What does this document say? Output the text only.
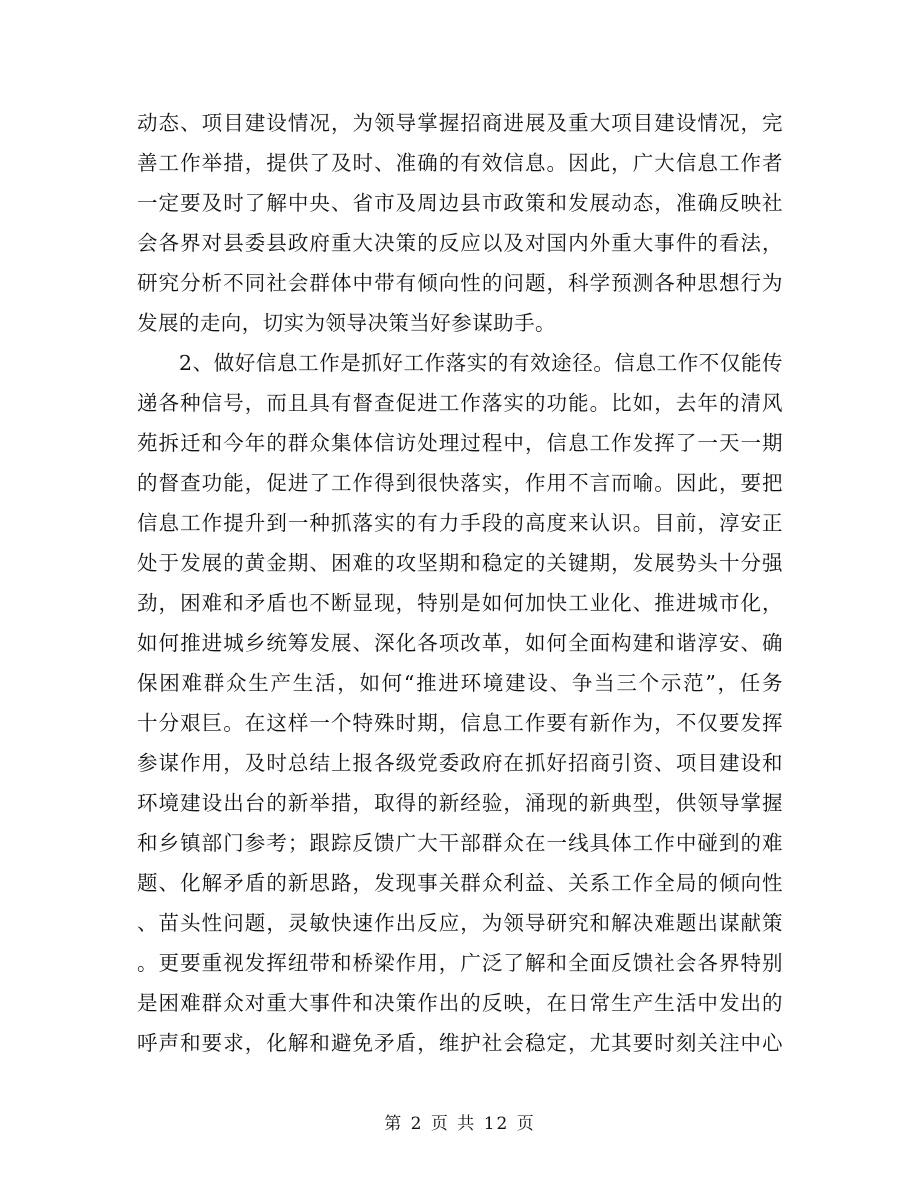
动态、项目建设情况，为领导掌握招商进展及重大项目建设情况，完
善工作举措，提供了及时、准确的有效信息。因此，广大信息工作者
一定要及时了解中央、省市及周边县市政策和发展动态，准确反映社
会各界对县委县政府重大决策的反应以及对国内外重大事件的看法，
研究分析不同社会群体中带有倾向性的问题，科学预测各种思想行为
发展的走向，切实为领导决策当好参谋助手。
2、做好信息工作是抓好工作落实的有效途径。信息工作不仅能传
递各种信号，而且具有督查促进工作落实的功能。比如，去年的清风
苑拆迁和今年的群众集体信访处理过程中，信息工作发挥了一天一期
的督查功能，促进了工作得到很快落实，作用不言而喻。因此，要把
信息工作提升到一种抓落实的有力手段的高度来认识。目前，淳安正
处于发展的黄金期、困难的攻坚期和稳定的关键期，发展势头十分强
劲，困难和矛盾也不断显现，特别是如何加快工业化、推进城市化，
如何推进城乡统筹发展、深化各项改革，如何全面构建和谐淳安、确
保困难群众生产生活，如何“推进环境建设、争当三个示范”，任务
十分艰巨。在这样一个特殊时期，信息工作要有新作为，不仅要发挥
参谋作用，及时总结上报各级党委政府在抓好招商引资、项目建设和
环境建设出台的新举措，取得的新经验，涌现的新典型，供领导掌握
和乡镇部门参考；跟踪反馈广大干部群众在一线具体工作中碰到的难
题、化解矛盾的新思路，发现事关群众利益、关系工作全局的倾向性
、苗头性问题，灵敏快速作出反应，为领导研究和解决难题出谋献策
。更要重视发挥纽带和桥梁作用，广泛了解和全面反馈社会各界特别
是困难群众对重大事件和决策作出的反映，在日常生产生活中发出的
呼声和要求，化解和避免矛盾，维护社会稳定，尤其要时刻关注中心
第 2 页 共 12 页
